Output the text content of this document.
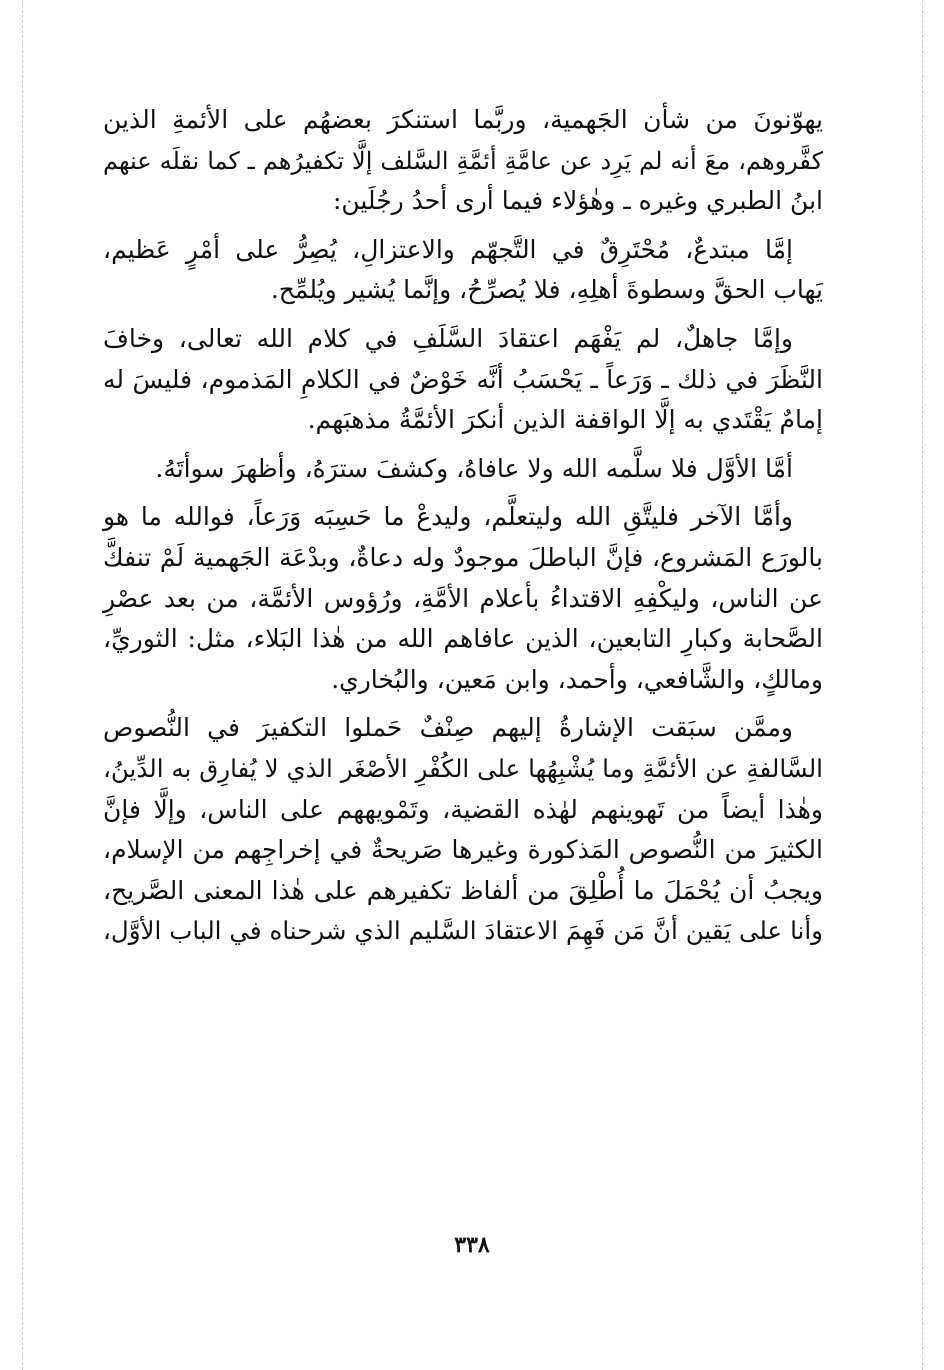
يهوّنونَ من شأن الجَهمية، وربَّما استنكرَ بعضهُم على الأئمةِ الذين
كفَّروهم، معَ أنه لم يَرِد عن عامَّةِ أئمَّةِ السَّلف إلَّا تكفيرُهم ـ كما نقلَه عنهم
ابنُ الطبري وغيره ـ وهٰؤلاء فيما أرى أحدُ رجُلَين:

إمَّا مبتدعٌ، مُحْتَرِقٌ في التَّجهّم والاعتزالِ، يُصِرُّ على أمْرٍ عَظيم،
يَهاب الحقَّ وسطوةَ أهلِهِ، فلا يُصرِّحُ، وإنَّما يُشير ويُلمِّح.

وإمَّا جاهلٌ، لم يَفْهَم اعتقادَ السَّلَفِ في كلام الله تعالى، وخافَ
النَّظَرَ في ذلك ـ وَرَعاً ـ يَحْسَبُ أنَّه خَوْضٌ في الكلامِ المَذموم، فليسَ له
إمامٌ يَقْتَدي به إلَّا الواقفة الذين أنكرَ الأئمَّةُ مذهبَهم.

أمَّا الأوَّل فلا سلَّمه الله ولا عافاهُ، وكشفَ سترَهُ، وأظهرَ سوأتَهُ.

وأمَّا الآخر فليتَّقِ الله وليتعلَّم، وليدعْ ما حَسِبَه وَرَعاً، فوالله ما هو
بالورَع المَشروع، فإنَّ الباطلَ موجودٌ وله دعاةٌ، وبدْعَة الجَهمية لَمْ تنفكَّ
عن الناس، وليكْفِهِ الاقتداءُ بأعلام الأمَّةِ، ورُؤوس الأئمَّة، من بعد عصْرِ
الصَّحابة وكبارِ التابعين، الذين عافاهم الله من هٰذا البَلاء، مثل: الثوريِّ،
ومالكٍ، والشَّافعي، وأحمد، وابن مَعين، والبُخاري.

وممَّن سبَقت الإشارةُ إليهم صِنْفٌ حَملوا التكفيرَ في النُّصوص
السَّالفةِ عن الأئمَّةِ وما يُشْبِهُها على الكُفْرِ الأصْغَر الذي لا يُفارِق به الدِّينُ،
وهٰذا أيضاً من تَهوينهم لهٰذه القضية، وتَمْويههم على الناس، وإلَّا فإنَّ
الكثيرَ من النُّصوص المَذكورة وغيرها صَريحةٌ في إخراجِهم من الإسلام،
ويجبُ أن يُحْمَلَ ما أُطْلِقَ من ألفاظ تكفيرهم على هٰذا المعنى الصَّريح،
وأنا على يَقين أنَّ مَن فَهِمَ الاعتقادَ السَّليم الذي شرحناه في الباب الأوَّل،

٣٣٨
